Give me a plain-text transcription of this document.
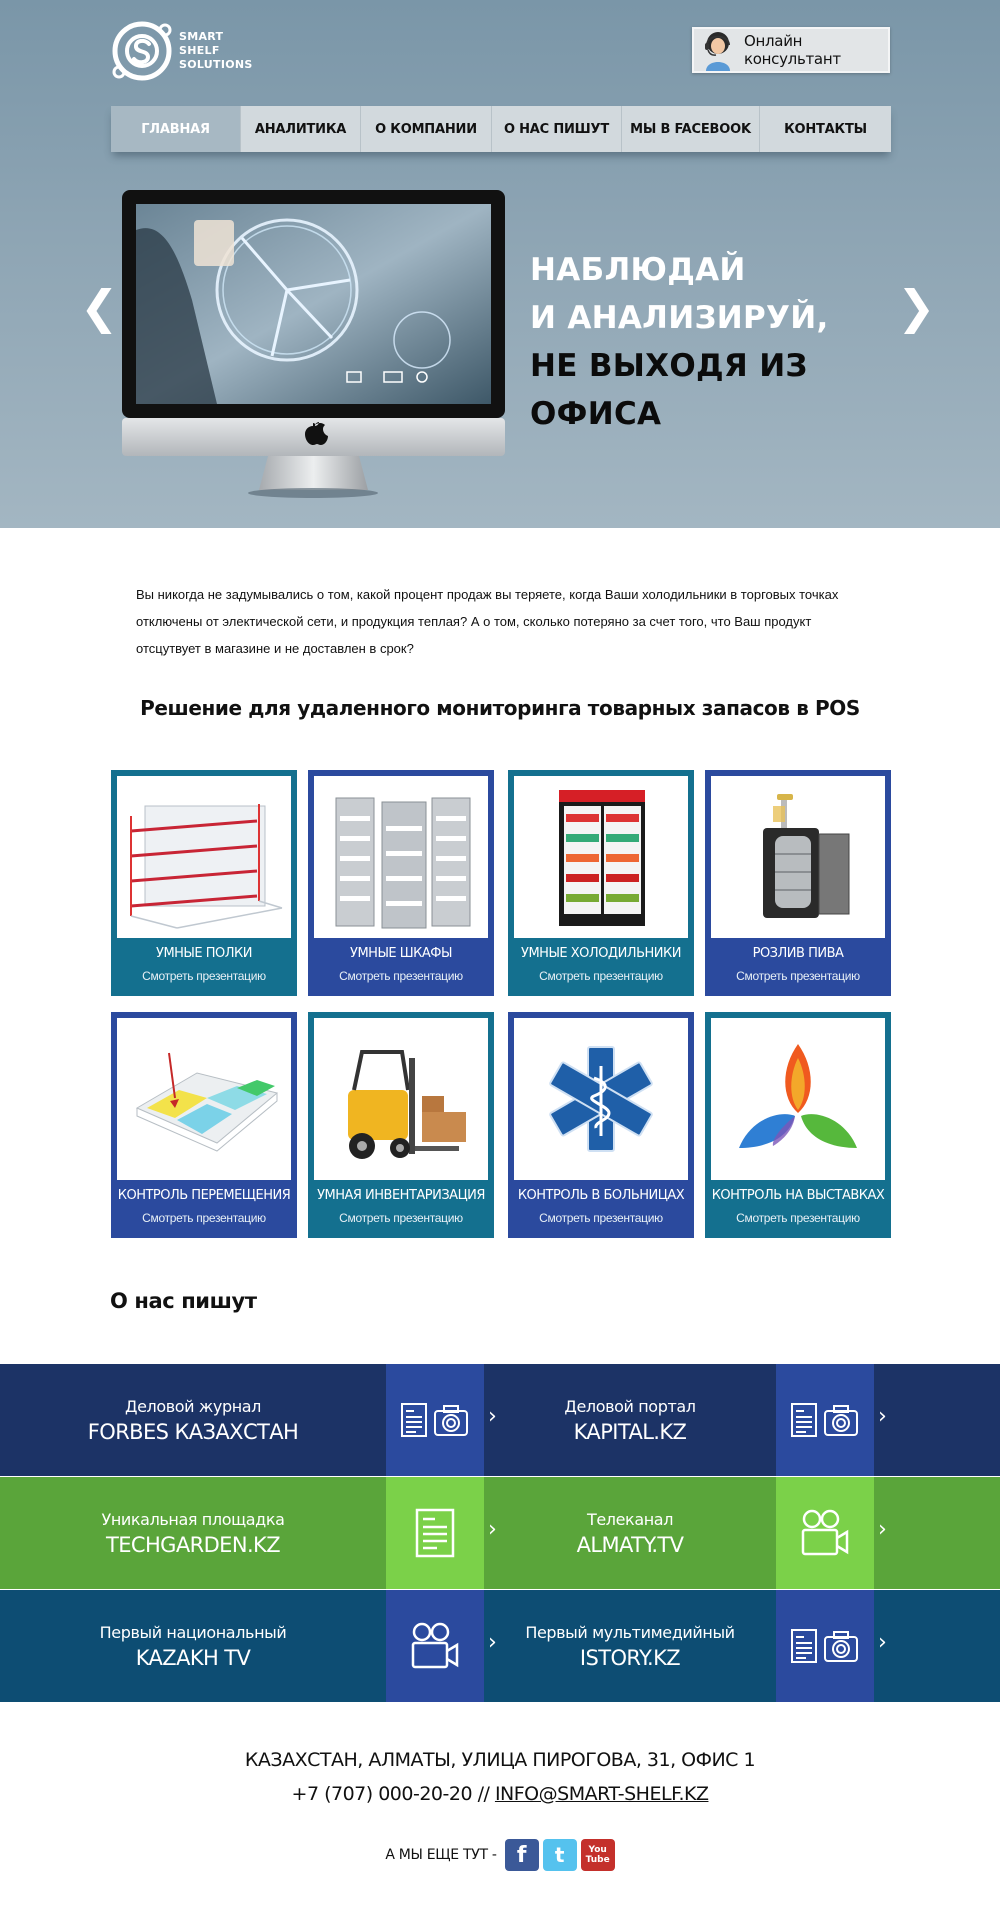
SMART
SHELF
SOLUTIONS
Онлайн консультант
ГЛАВНАЯ	АНАЛИТИКА	О КОМПАНИИ	О НАС ПИШУТ	МЫ В FACEBOOK	КОНТАКТЫ
❮
НАБЛЮДАЙ
И АНАЛИЗИРУЙ,
НЕ ВЫХОДЯ ИЗ ОФИСА
❯

Вы никогда не задумывались о том, какой процент продаж вы теряете, когда Ваши холодильники в торговых точках отключены от электической сети, и продукция теплая? А о том, сколько потеряно за счет того, что Ваш продукт отсцутвует в магазине и не доставлен в срок?

Решение для удаленного мониторинга товарных запасов в POS
УМНЫЕ ПОЛКИ
Смотреть презентацию
УМНЫЕ ШКАФЫ
Смотреть презентацию
УМНЫЕ ХОЛОДИЛЬНИКИ
Смотреть презентацию
РОЗЛИВ ПИВА
Смотреть презентацию
КОНТРОЛЬ ПЕРЕМЕЩЕНИЯ
Смотреть презентацию
УМНАЯ ИНВЕНТАРИЗАЦИЯ
Смотреть презентацию
КОНТРОЛЬ В БОЛЬНИЦАХ
Смотреть презентацию
КОНТРОЛЬ НА ВЫСТАВКАХ
Смотреть презентацию
О нас пишут
Деловой журнал
FORBES КАЗАХСТАН
›	Деловой портал
KAPITAL.KZ
›
Уникальная площадка
TECHGARDEN.KZ
›	Телеканал
ALMATY.TV
›
Первый национальный
KAZAKH TV
› Первый мультимедийный
ISTORY.KZ
›
КАЗАХСТАН, АЛМАТЫ, УЛИЦА ПИРОГОВА, 31, ОФИС 1
+7 (707) 000-20-20 // INFO@SMART-SHELF.KZ
А МЫ ЕЩЕ ТУТ - f	t	You Tube
